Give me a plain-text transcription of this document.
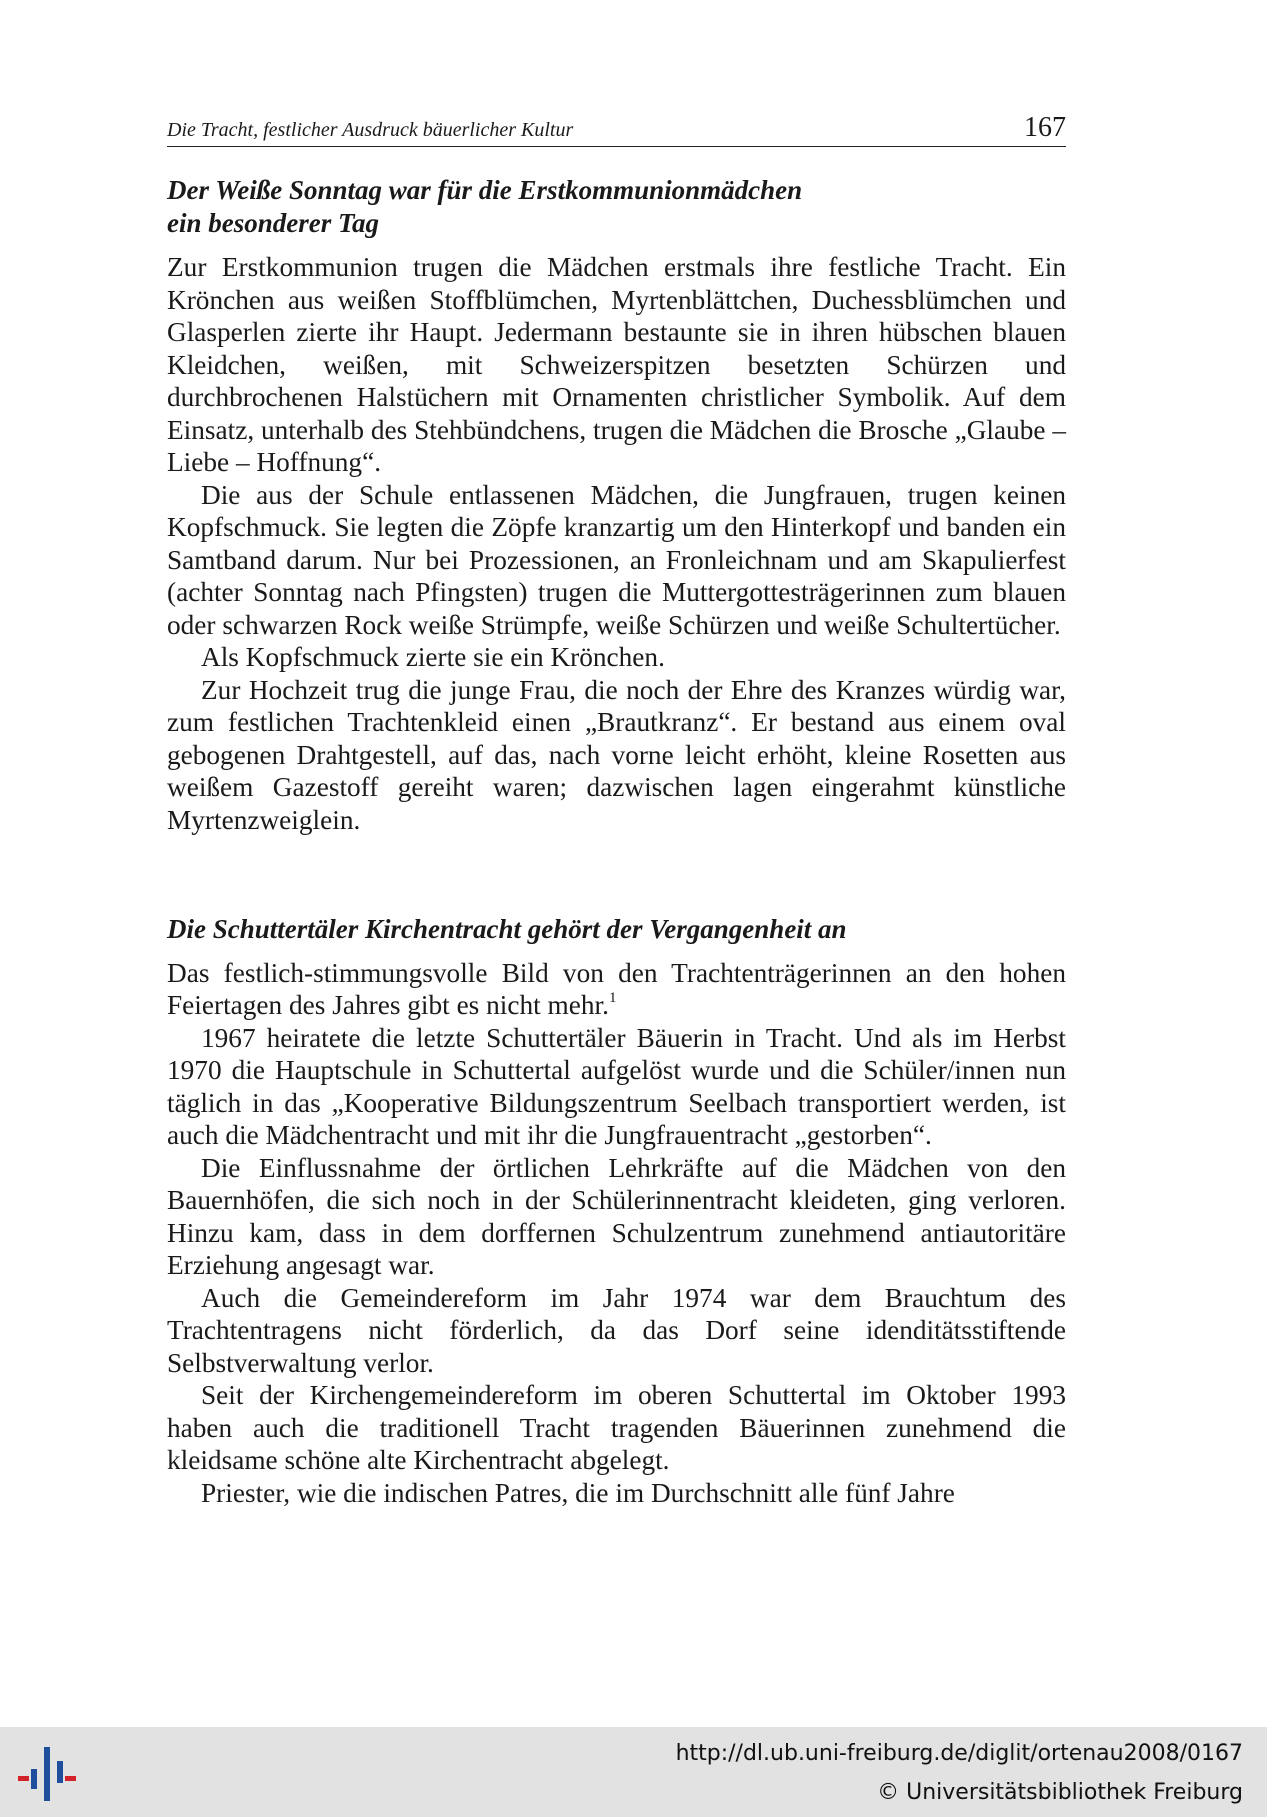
Die Tracht, festlicher Ausdruck bäuerlicher Kultur	167
Der Weiße Sonntag war für die Erstkommunionmädchen
ein besonderer Tag

Zur Erstkommunion trugen die Mädchen erstmals ihre festliche Tracht. Ein Krönchen aus weißen Stoffblümchen, Myrtenblättchen, Duchessblümchen und Glasperlen zierte ihr Haupt. Jedermann bestaunte sie in ihren hübschen blauen Kleidchen, weißen, mit Schweizerspitzen besetzten Schürzen und durchbrochenen Halstüchern mit Ornamenten christlicher Symbolik. Auf dem Einsatz, unterhalb des Stehbündchens, trugen die Mädchen die Brosche „Glaube – Liebe – Hoffnung“.

Die aus der Schule entlassenen Mädchen, die Jungfrauen, trugen keinen Kopfschmuck. Sie legten die Zöpfe kranzartig um den Hinterkopf und banden ein Samtband darum. Nur bei Prozessionen, an Fronleichnam und am Skapulierfest (achter Sonntag nach Pfingsten) trugen die Muttergottesträgerinnen zum blauen oder schwarzen Rock weiße Strümpfe, weiße Schürzen und weiße Schultertücher.

Als Kopfschmuck zierte sie ein Krönchen.

Zur Hochzeit trug die junge Frau, die noch der Ehre des Kranzes würdig war, zum festlichen Trachtenkleid einen „Brautkranz“. Er bestand aus einem oval gebogenen Drahtgestell, auf das, nach vorne leicht erhöht, kleine Rosetten aus weißem Gazestoff gereiht waren; dazwischen lagen eingerahmt künstliche Myrtenzweiglein.

Die Schuttertäler Kirchentracht gehört der Vergangenheit an

Das festlich-stimmungsvolle Bild von den Trachtenträgerinnen an den hohen Feiertagen des Jahres gibt es nicht mehr.$^1$

1967 heiratete die letzte Schuttertäler Bäuerin in Tracht. Und als im Herbst 1970 die Hauptschule in Schuttertal aufgelöst wurde und die Schüler/innen nun täglich in das „Kooperative Bildungszentrum Seelbach transportiert werden, ist auch die Mädchentracht und mit ihr die Jungfrauentracht „gestorben“.

Die Einflussnahme der örtlichen Lehrkräfte auf die Mädchen von den Bauernhöfen, die sich noch in der Schülerinnentracht kleideten, ging verloren. Hinzu kam, dass in dem dorffernen Schulzentrum zunehmend antiautoritäre Erziehung angesagt war.

Auch die Gemeindereform im Jahr 1974 war dem Brauchtum des Trachtentragens nicht förderlich, da das Dorf seine idenditätsstiftende Selbstverwaltung verlor.

Seit der Kirchengemeindereform im oberen Schuttertal im Oktober 1993 haben auch die traditionell Tracht tragenden Bäuerinnen zunehmend die kleidsame schöne alte Kirchentracht abgelegt.

Priester, wie die indischen Patres, die im Durchschnitt alle fünf Jahre

http://dl.ub.uni-freiburg.de/diglit/ortenau2008/0167
© Universitätsbibliothek Freiburg
